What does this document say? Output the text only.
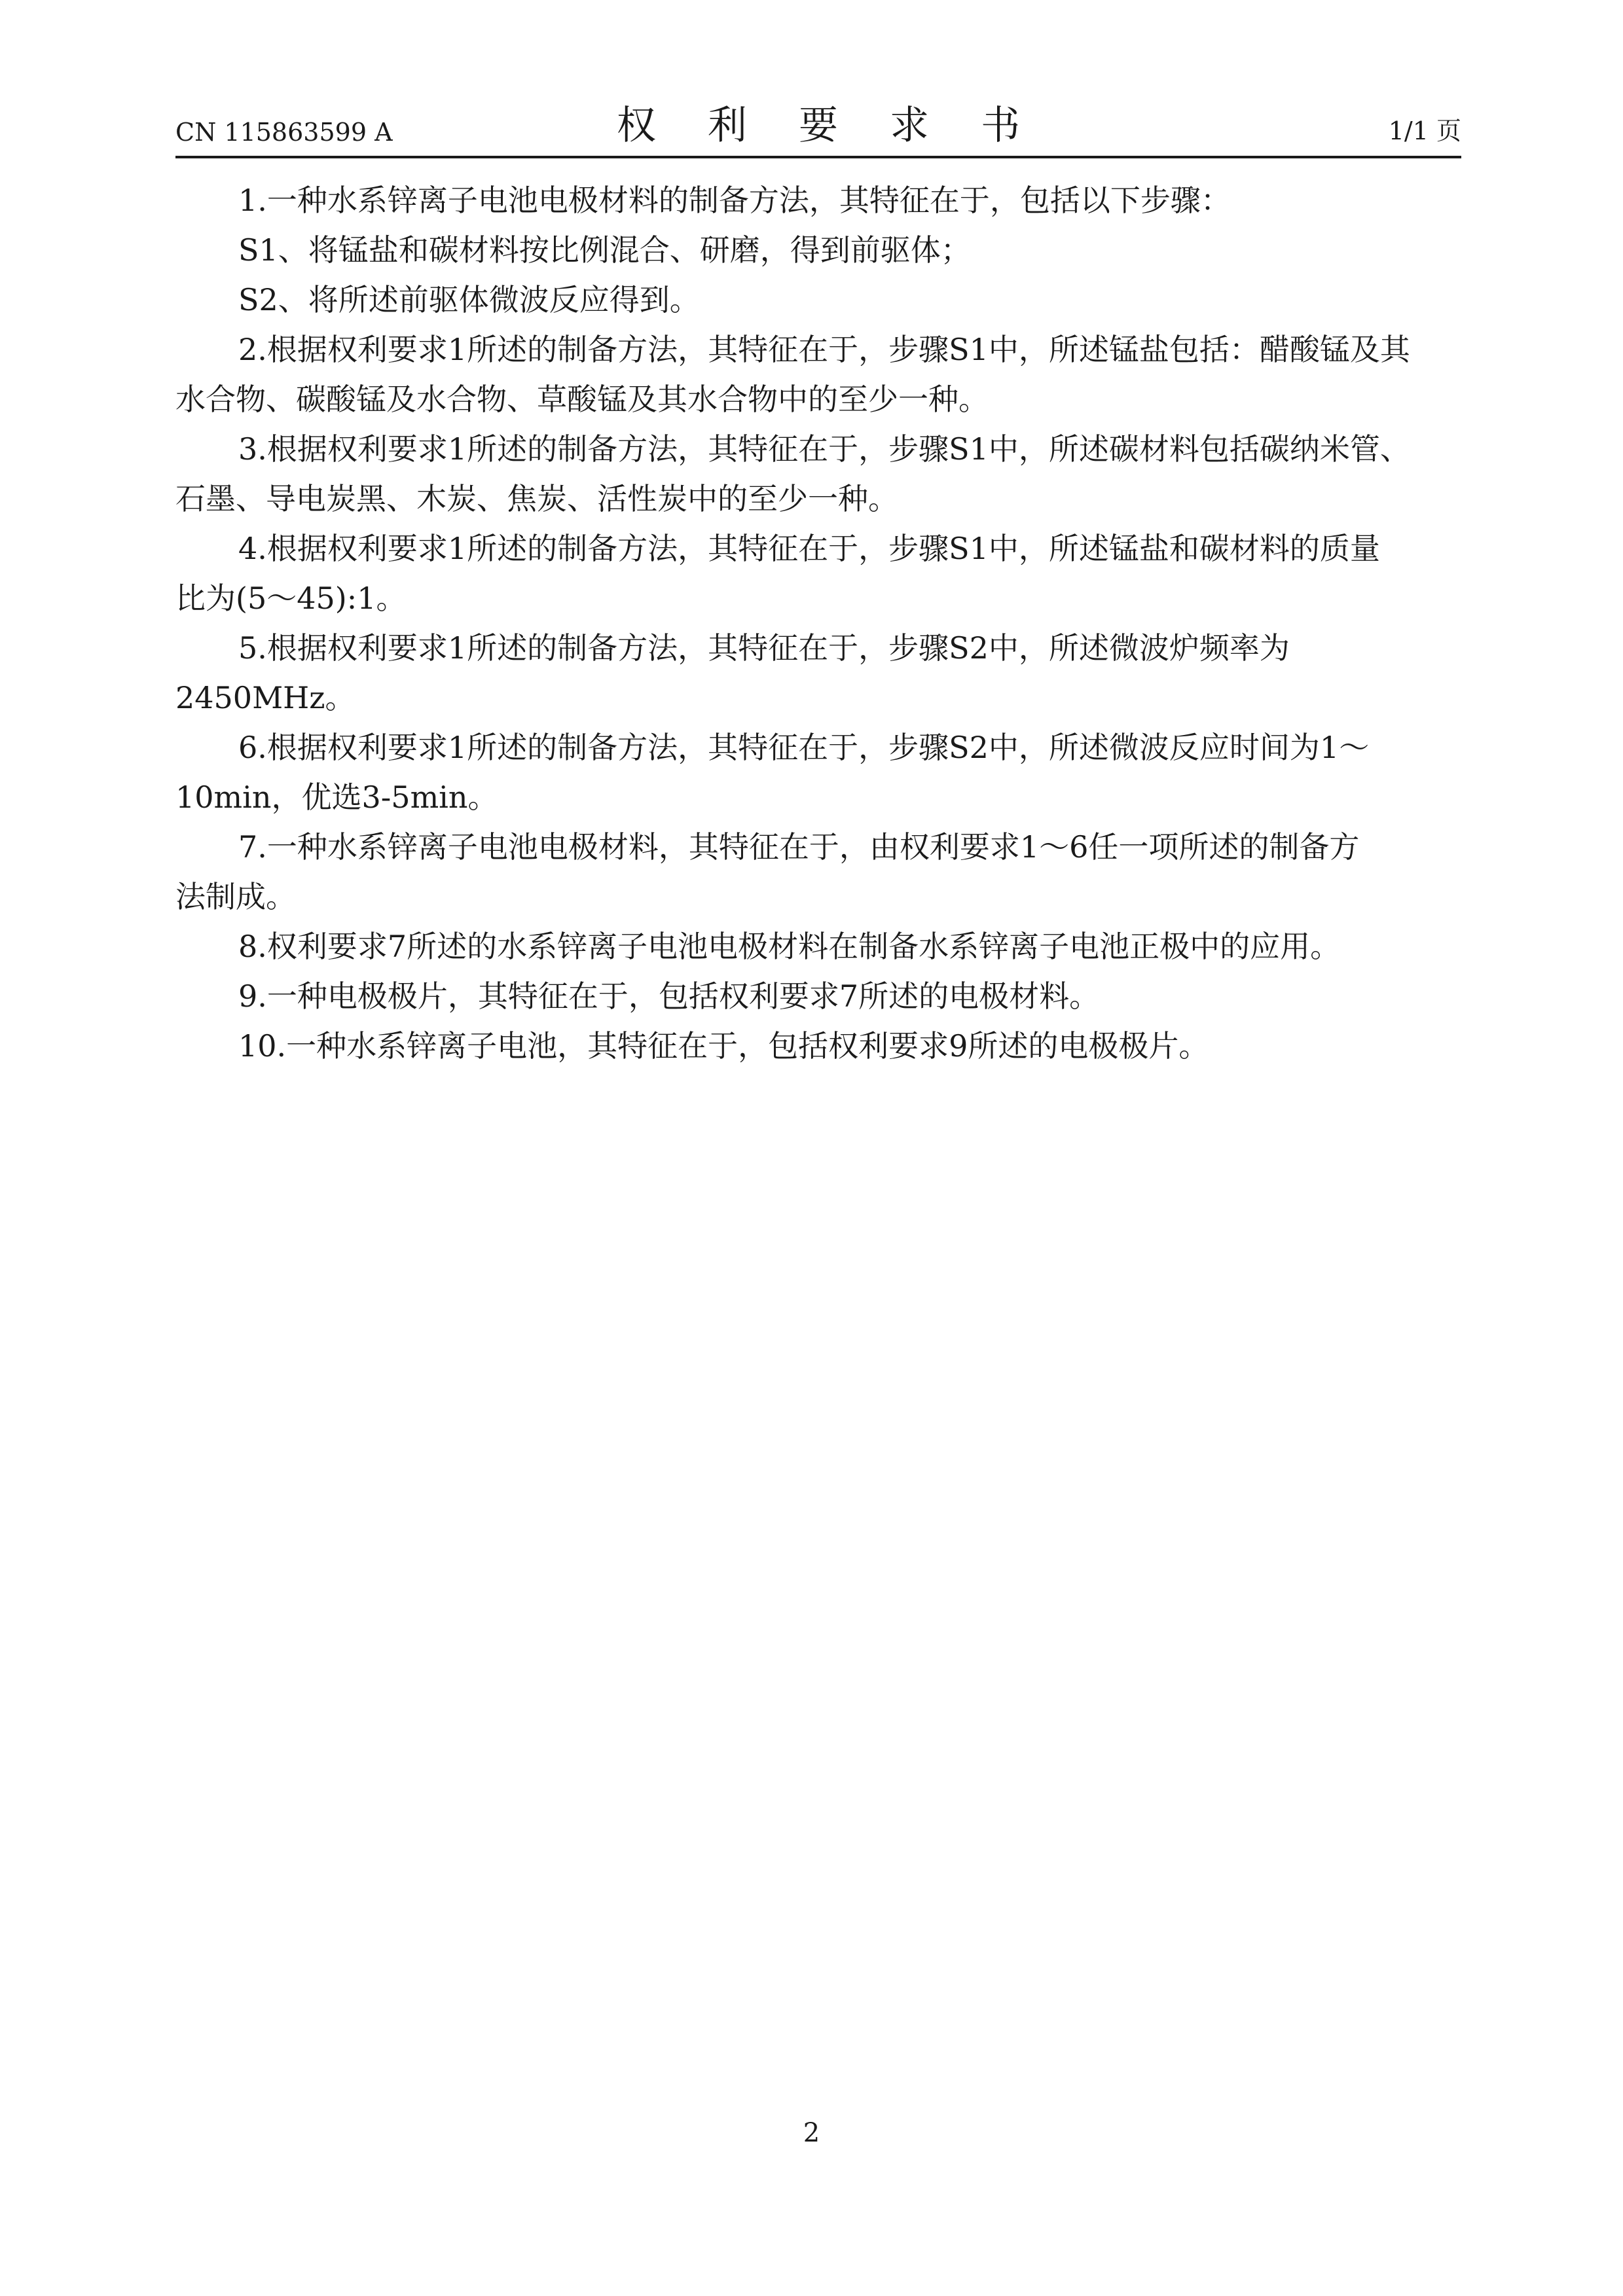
CN 115863599 A	权 利 要 求 书	1/1 页
1.一种水系锌离子电池电极材料的制备方法，其特征在于，包括以下步骤：
S1、将锰盐和碳材料按比例混合、研磨，得到前驱体；
S2、将所述前驱体微波反应得到。
2.根据权利要求1所述的制备方法，其特征在于，步骤S1中，所述锰盐包括：醋酸锰及其
水合物、碳酸锰及水合物、草酸锰及其水合物中的至少一种。
3.根据权利要求1所述的制备方法，其特征在于，步骤S1中，所述碳材料包括碳纳米管、
石墨、导电炭黑、木炭、焦炭、活性炭中的至少一种。
4.根据权利要求1所述的制备方法，其特征在于，步骤S1中，所述锰盐和碳材料的质量
比为(5～45):1。
5.根据权利要求1所述的制备方法，其特征在于，步骤S2中，所述微波炉频率为
2450MHz。
6.根据权利要求1所述的制备方法，其特征在于，步骤S2中，所述微波反应时间为1～
10min，优选3-5min。
7.一种水系锌离子电池电极材料，其特征在于，由权利要求1～6任一项所述的制备方
法制成。
8.权利要求7所述的水系锌离子电池电极材料在制备水系锌离子电池正极中的应用。
9.一种电极极片，其特征在于，包括权利要求7所述的电极材料。
10.一种水系锌离子电池，其特征在于，包括权利要求9所述的电极极片。
2
